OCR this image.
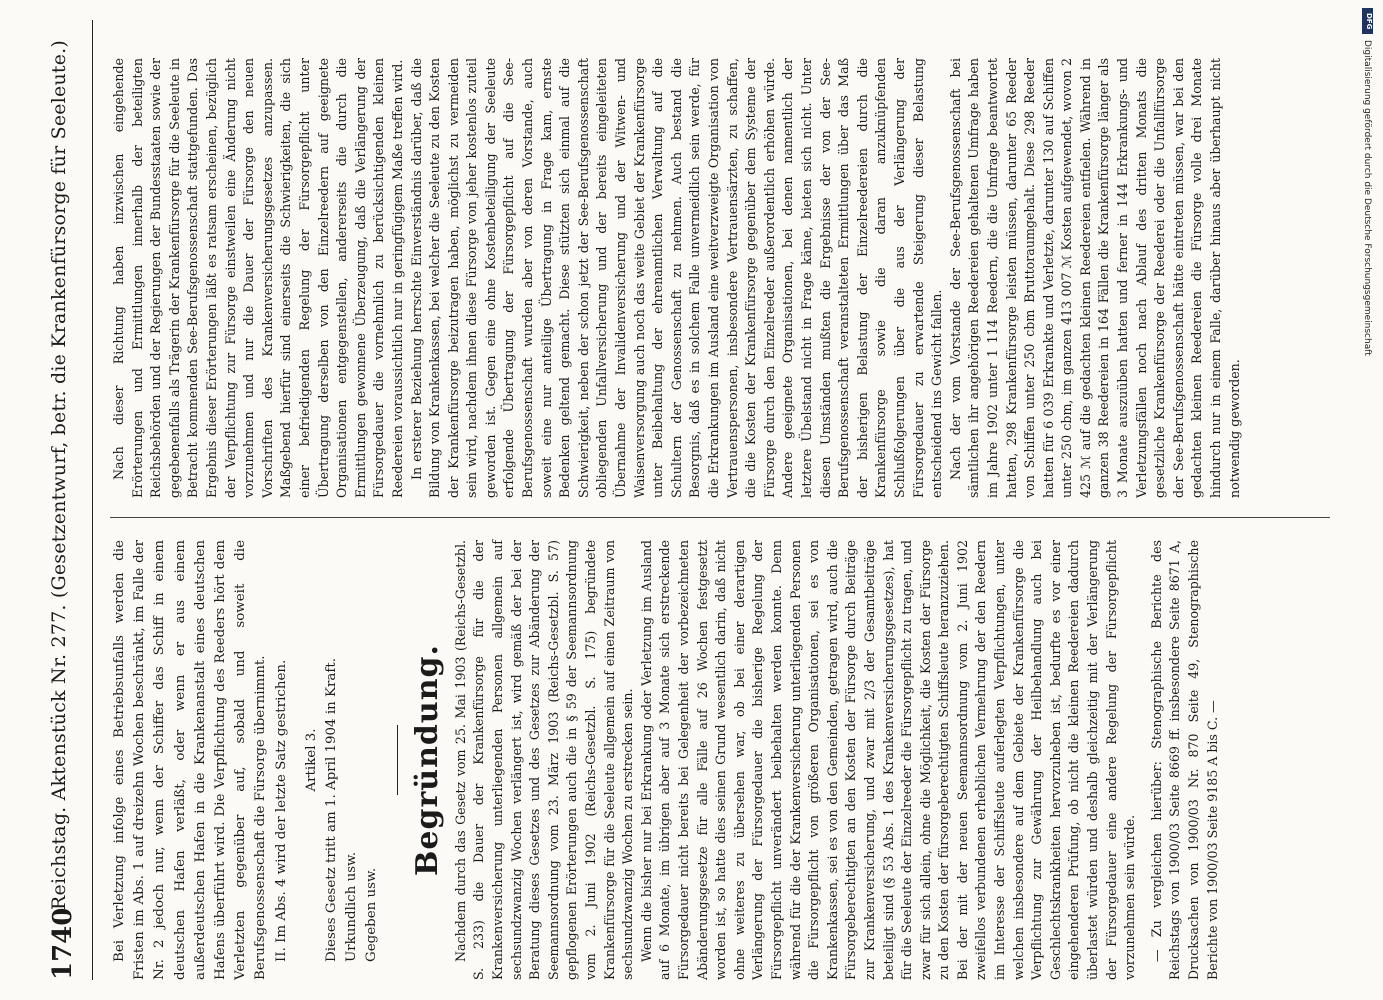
1740
Reichstag. Aktenstück Nr. 277. (Gesetzentwurf, betr. die Krankenfürsorge für Seeleute.)	Bei Verletzung infolge eines Betriebsunfalls werden die Fristen im Abs. 1 auf dreizehn Wochen beschränkt, im Falle der Nr. 2 jedoch nur, wenn der Schiffer das Schiff in einem deutschen Hafen verläßt, oder wenn er aus einem außerdeutschen Hafen in die Krankenanstalt eines deutschen Hafens überführt wird. Die Verpflichtung des Reeders hört dem Verletzten gegenüber auf, sobald und soweit die Berufsgenossenschaft die Fürsorge übernimmt. II. Im Abs. 4 wird der letzte Satz gestrichen. Artikel 3. Dieses Gesetz tritt am 1. April 1904 in Kraft. Urkundlich usw. Gegeben usw.

Begründung. Nachdem durch das Gesetz vom 25. Mai 1903 (Reichs-Gesetzbl. S. 233) die Dauer der Krankenfürsorge für die der Krankenversicherung unterliegenden Personen allgemein auf sechsundzwanzig Wochen verlängert ist, wird gemäß der bei der Beratung dieses Gesetzes und des Gesetzes zur Abänderung der Seemannsordnung vom 23. März 1903 (Reichs-Gesetzbl. S. 57) gepflogenen Erörterungen auch die in § 59 der Seemannsordnung vom 2. Juni 1902 (Reichs-Gesetzbl. S. 175) begründete Krankenfürsorge für die Seeleute allgemein auf einen Zeitraum von sechsundzwanzig Wochen zu erstrecken sein. Wenn die bisher nur bei Erkrankung oder Verletzung im Ausland auf 6 Monate, im übrigen aber auf 3 Monate sich erstreckende Fürsorgedauer nicht bereits bei Gelegenheit der vorbezeichneten Abänderungsgesetze für alle Fälle auf 26 Wochen festgesetzt worden ist, so hatte dies seinen Grund wesentlich darin, daß nicht ohne weiteres zu übersehen war, ob bei einer derartigen Verlängerung der Fürsorgedauer die bisherige Regelung der Fürsorgepflicht unverändert beibehalten werden konnte. Denn während für die der Krankenversicherung unterliegenden Personen die Fürsorgepflicht von größeren Organisationen, sei es von Krankenkassen, sei es von den Gemeinden, getragen wird, auch die Fürsorgeberechtigten an den Kosten der Fürsorge durch Beiträge zur Krankenversicherung, und zwar mit 2/3 der Gesamtbeiträge beteiligt sind (§ 53 Abs. 1 des Krankenversicherungsgesetzes), hat für die Seeleute der Einzelreeder die Fürsorgepflicht zu tragen, und zwar für sich allein, ohne die Möglichkeit, die Kosten der Fürsorge zu den Kosten der fürsorgeberechtigten Schiffsleute heranzuziehen. Bei der mit der neuen Seemannsordnung vom 2. Juni 1902 zweifellos verbundenen erheblichen Vermehrung der den Reedern im Interesse der Schiffsleute auferlegten Verpflichtungen, unter welchen insbesondere auf dem Gebiete der Krankenfürsorge die Verpflichtung zur Gewährung der Heilbehandlung auch bei Geschlechtskrankheiten hervorzuheben ist, bedurfte es vor einer eingehenderen Prüfung, ob nicht die kleinen Reedereien dadurch überlastet würden und deshalb gleichzeitig mit der Verlängerung der Fürsorgedauer eine andere Regelung der Fürsorgepflicht vorzunehmen sein würde. — Zu vergleichen hierüber: Stenographische Berichte des Reichstags von 1900/03 Seite 8669 ff. insbesondere Seite 8671 A, Drucksachen von 1900/03 Nr. 870 Seite 49, Stenographische Berichte von 1900/03 Seite 9185 A bis C. —

Nach dieser Richtung haben inzwischen eingehende Erörterungen und Ermittlungen innerhalb der beteiligten Reichsbehörden und der Regierungen der Bundesstaaten sowie der gegebenenfalls als Trägerin der Krankenfürsorge für die Seeleute in Betracht kommenden See-Berufsgenossenschaft stattgefunden. Das Ergebnis dieser Erörterungen läßt es ratsam erscheinen, bezüglich der Verpflichtung zur Fürsorge einstweilen eine Änderung nicht vorzunehmen und nur die Dauer der Fürsorge den neuen Vorschriften des Krankenversicherungsgesetzes anzupassen. Maßgebend hierfür sind einerseits die Schwierigkeiten, die sich einer befriedigenden Regelung der Fürsorgepflicht unter Übertragung derselben von den Einzelreedern auf geeignete Organisationen entgegenstellen, andererseits die durch die Ermittlungen gewonnene Überzeugung, daß die Verlängerung der Fürsorgedauer die vornehmlich zu berücksichtigenden kleinen Reedereien voraussichtlich nur in geringfügigem Maße treffen wird. In ersterer Beziehung herrschte Einverständnis darüber, daß die Bildung von Krankenkassen, bei welcher die Seeleute zu den Kosten der Krankenfürsorge beizutragen haben, möglichst zu vermeiden sein wird, nachdem ihnen diese Fürsorge von jeher kostenlos zuteil geworden ist. Gegen eine ohne Kostenbeteiligung der Seeleute erfolgende Übertragung der Fürsorgepflicht auf die See-Berufsgenossenschaft wurden aber von deren Vorstande, auch soweit eine nur anteilige Übertragung in Frage kam, ernste Bedenken geltend gemacht. Diese stützten sich einmal auf die Schwierigkeit, neben der schon jetzt der See-Berufsgenossenschaft obliegenden Unfallversicherung und der bereits eingeleiteten Übernahme der Invalidenversicherung und der Witwen- und Waisenversorgung auch noch das weite Gebiet der Krankenfürsorge unter Beibehaltung der ehrenamtlichen Verwaltung auf die Schultern der Genossenschaft zu nehmen. Auch bestand die Besorgnis, daß es in solchem Falle unvermeidlich sein werde, für die Erkrankungen im Ausland eine weitverzweigte Organisation von Vertrauenspersonen, insbesondere Vertrauensärzten, zu schaffen, die die Kosten der Krankenfürsorge gegenüber dem Systeme der Fürsorge durch den Einzelreeder außerordentlich erhöhen würde. Andere geeignete Organisationen, bei denen namentlich der letztere Übelstand nicht in Frage käme, bieten sich nicht. Unter diesen Umständen mußten die Ergebnisse der von der See-Berufsgenossenschaft veranstalteten Ermittlungen über das Maß der bisherigen Belastung der Einzelreedereien durch die Krankenfürsorge sowie die daran anzuknüpfenden Schlußfolgerungen über die aus der Verlängerung der Fürsorgedauer zu erwartende Steigerung dieser Belastung entscheidend ins Gewicht fallen. Nach der vom Vorstande der See-Berufsgenossenschaft bei sämtlichen ihr angehörigen Reedereien gehaltenen Umfrage haben im Jahre 1902 unter 1 114 Reedern, die die Umfrage beantwortet hatten, 298 Krankenfürsorge leisten müssen, darunter 65 Reeder von Schiffen unter 250 cbm Bruttoraumgehalt. Diese 298 Reeder hatten für 6 039 Erkrankte und Verletzte, darunter 130 auf Schiffen unter 250 cbm, im ganzen 413 007 ℳ Kosten aufgewendet, wovon 2 425 ℳ auf die gedachten kleinen Reedereien entfielen. Während in ganzen 38 Reedereien in 164 Fällen die Krankenfürsorge länger als 3 Monate auszuüben hatten und ferner in 144 Erkrankungs- und Verletzungsfällen noch nach Ablauf des dritten Monats die gesetzliche Krankenfürsorge der Reederei oder die Unfallfürsorge der See-Berufsgenossenschaft hätte eintreten müssen, war bei den gedachten kleinen Reedereien die Fürsorge volle drei Monate hindurch nur in einem Falle, darüber hinaus aber überhaupt nicht notwendig geworden.

DFG
Digitalisierung gefördert durch die Deutsche Forschungsgemeinschaft
